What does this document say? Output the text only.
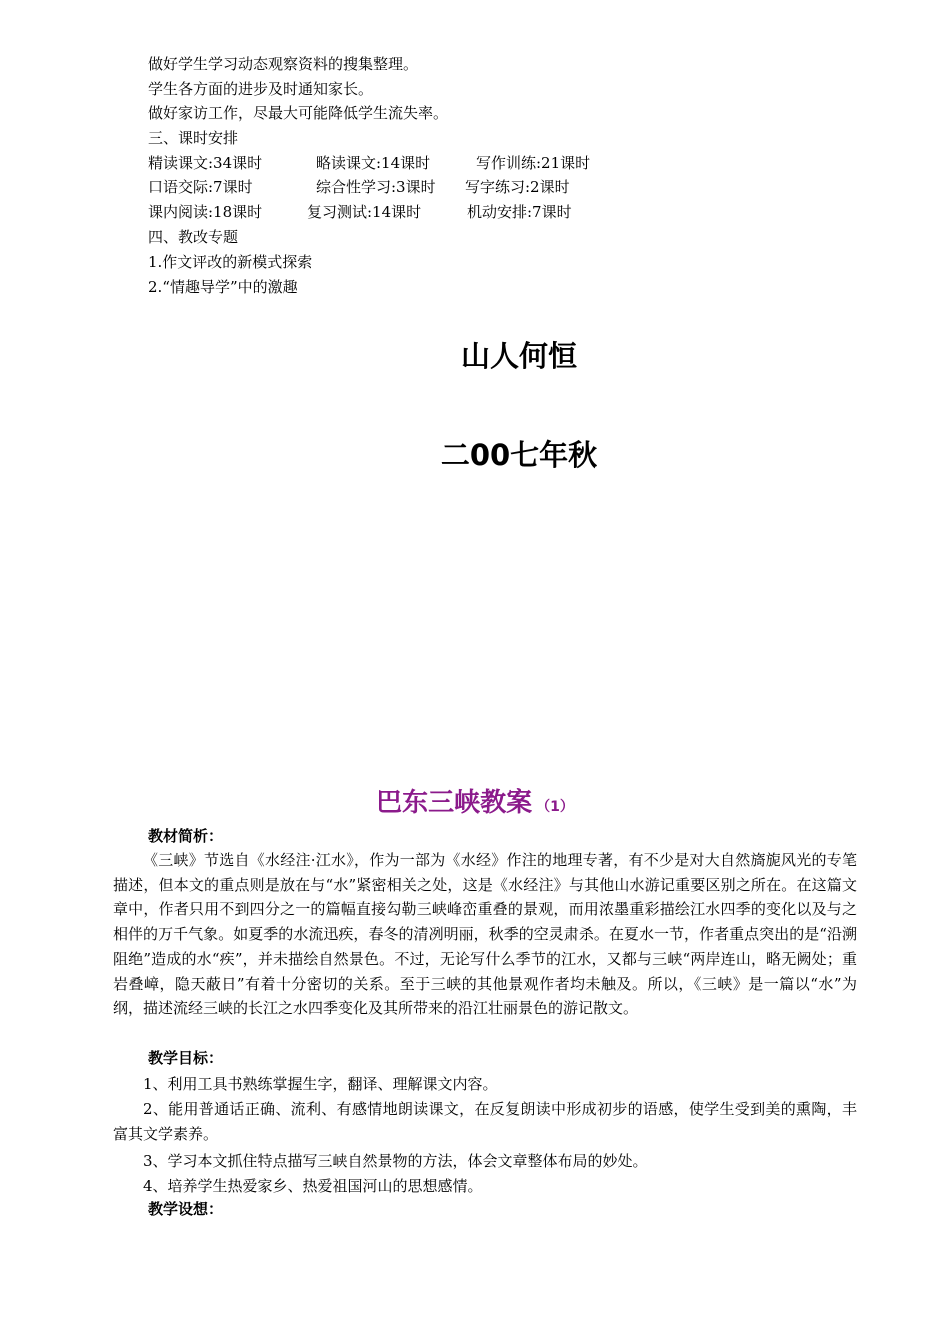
做好学生学习动态观察资料的搜集整理。
学生各方面的进步及时通知家长。
做好家访工作，尽最大可能降低学生流失率。
三、课时安排
精读课文:34课时	略读课文:14课时	写作训练:21课时
口语交际:7课时	综合性学习:3课时 写字练习:2课时
课内阅读:18课时	复习测试:14课时	机动安排:7课时
四、教改专题
1.作文评改的新模式探索
2.“情趣导学”中的激趣
山人何恒
二00七年秋
巴东三峡教案 （1）
教材简析：

《三峡》节选自《水经注·江水》，作为一部为《水经》作注的地理专著，有不少是对大自然旖旎风光的专笔描述，但本文的重点则是放在与“水”紧密相关之处，这是《水经注》与其他山水游记重要区别之所在。在这篇文章中，作者只用不到四分之一的篇幅直接勾勒三峡峰峦重叠的景观，而用浓墨重彩描绘江水四季的变化以及与之相伴的万千气象。如夏季的水流迅疾，春冬的清冽明丽，秋季的空灵肃杀。在夏水一节，作者重点突出的是“沿溯阻绝”造成的水“疾”，并未描绘自然景色。不过，无论写什么季节的江水，又都与三峡“两岸连山，略无阙处；重岩叠嶂，隐天蔽日”有着十分密切的关系。至于三峡的其他景观作者均未触及。所以，《三峡》是一篇以“水”为纲，描述流经三峡的长江之水四季变化及其所带来的沿江壮丽景色的游记散文。

教学目标：

1、利用工具书熟练掌握生字，翻译、理解课文内容。

2、能用普通话正确、流利、有感情地朗读课文，在反复朗读中形成初步的语感，使学生受到美的熏陶，丰富其文学素养。

3、学习本文抓住特点描写三峡自然景物的方法，体会文章整体布局的妙处。

4、培养学生热爱家乡、热爱祖国河山的思想感情。

教学设想：
